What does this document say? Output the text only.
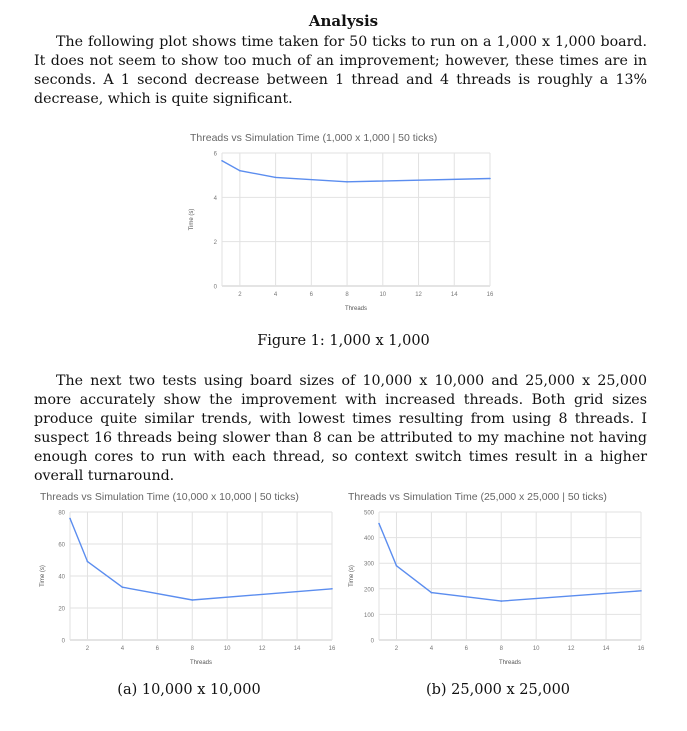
Analysis

The following plot shows time taken for 50 ticks to run on a 1,000 x 1,000 board. It does not seem to show too much of an improvement; however, these times are in seconds. A 1 second decrease between 1 thread and 4 threads is roughly a 13% decrease, which is quite significant.

Threads vs Simulation Time (1,000 x 1,000 | 50 ticks)
0
2
4
6
2	4	6	8	10	12	14	16
Threads
Time (s)
Figure 1: 1,000 x 1,000

The next two tests using board sizes of 10,000 x 10,000 and 25,000 x 25,000 more accurately show the improvement with increased threads. Both grid sizes produce quite similar trends, with lowest times resulting from using 8 threads. I suspect 16 threads being slower than 8 can be attributed to my machine not having enough cores to run with each thread, so context switch times result in a higher overall turnaround.

Threads vs Simulation Time (10,000 x 10,000 | 50 ticks)
0
20
40
60
80
2	4	6	8	10	12	14	16
Threads
Time (s)
Threads vs Simulation Time (25,000 x 25,000 | 50 ticks)
0
100
200
300
400
500
2	4	6	8	10	12	14	16
Threads
Time (s)
(a) 10,000 x 10,000	(b) 25,000 x 25,000
